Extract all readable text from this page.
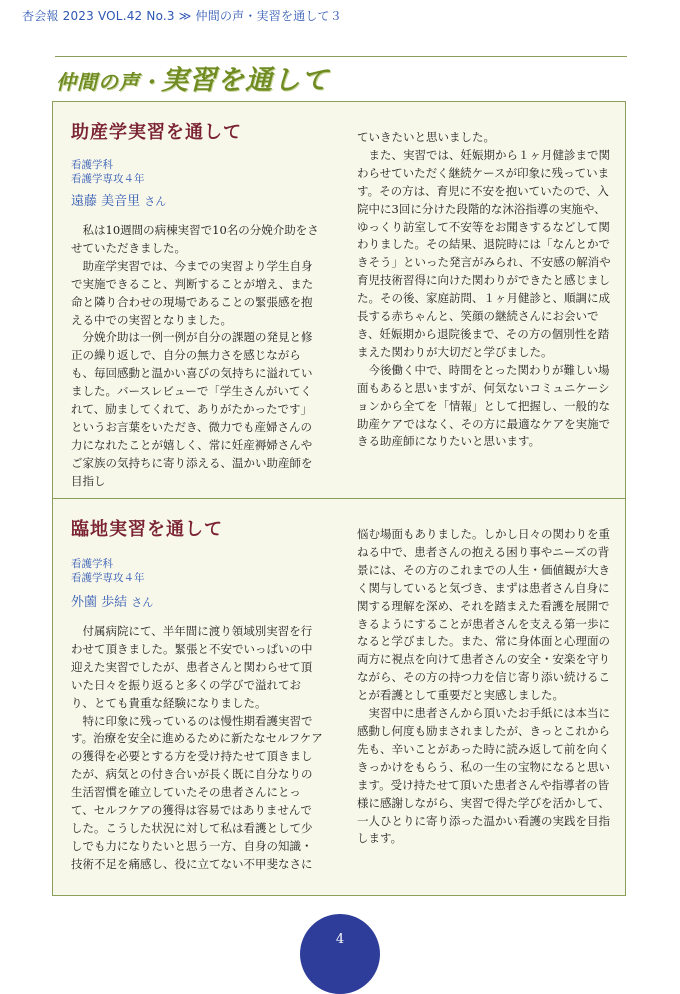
杏会報 2023 VOL.42 No.3 ≫ 仲間の声・実習を通して３
仲間の声・実習を通して
助産学実習を通して
看護学科
看護学専攻４年
遠藤 美音里 さん

私は10週間の病棟実習で10名の分娩介助をさせていただきました。

助産学実習では、今までの実習より学生自身で実施できること、判断することが増え、また命と隣り合わせの現場であることの緊張感を抱える中での実習となりました。

分娩介助は一例一例が自分の課題の発見と修正の繰り返しで、自分の無力さを感じながらも、毎回感動と温かい喜びの気持ちに溢れていました。バースレビューで「学生さんがいてくれて、励ましてくれて、ありがたかったです」というお言葉をいただき、微力でも産婦さんの力になれたことが嬉しく、常に妊産褥婦さんやご家族の気持ちに寄り添える、温かい助産師を目指し

ていきたいと思いました。

また、実習では、妊娠期から１ヶ月健診まで関わらせていただく継続ケースが印象に残っています。その方は、育児に不安を抱いていたので、入院中に3回に分けた段階的な沐浴指導の実施や、ゆっくり訪室して不安等をお聞きするなどして関わりました。その結果、退院時には「なんとかできそう」といった発言がみられ、不安感の解消や育児技術習得に向けた関わりができたと感じました。その後、家庭訪問、１ヶ月健診と、順調に成長する赤ちゃんと、笑顔の継続さんにお会いでき、妊娠期から退院後まで、その方の個別性を踏まえた関わりが大切だと学びました。

今後働く中で、時間をとった関わりが難しい場面もあると思いますが、何気ないコミュニケーションから全てを「情報」として把握し、一般的な助産ケアではなく、その方に最適なケアを実施できる助産師になりたいと思います。

臨地実習を通して
看護学科
看護学専攻４年
外薗 歩結 さん

付属病院にて、半年間に渡り領域別実習を行わせて頂きました。緊張と不安でいっぱいの中迎えた実習でしたが、患者さんと関わらせて頂いた日々を振り返ると多くの学びで溢れており、とても貴重な経験になりました。

特に印象に残っているのは慢性期看護実習です。治療を安全に進めるために新たなセルフケアの獲得を必要とする方を受け持たせて頂きましたが、病気との付き合いが長く既に自分なりの生活習慣を確立していたその患者さんにとって、セルフケアの獲得は容易ではありませんでした。こうした状況に対して私は看護として少しでも力になりたいと思う一方、自身の知識・技術不足を痛感し、役に立てない不甲斐なさに

悩む場面もありました。しかし日々の関わりを重ねる中で、患者さんの抱える困り事やニーズの背景には、その方のこれまでの人生・価値観が大きく関与していると気づき、まずは患者さん自身に関する理解を深め、それを踏まえた看護を展開できるようにすることが患者さんを支える第一歩になると学びました。また、常に身体面と心理面の両方に視点を向けて患者さんの安全・安楽を守りながら、その方の持つ力を信じ寄り添い続けることが看護として重要だと実感しました。

実習中に患者さんから頂いたお手紙には本当に感動し何度も励まされましたが、きっとこれから先も、辛いことがあった時に読み返して前を向くきっかけをもらう、私の一生の宝物になると思います。受け持たせて頂いた患者さんや指導者の皆様に感謝しながら、実習で得た学びを活かして、一人ひとりに寄り添った温かい看護の実践を目指します。

4
